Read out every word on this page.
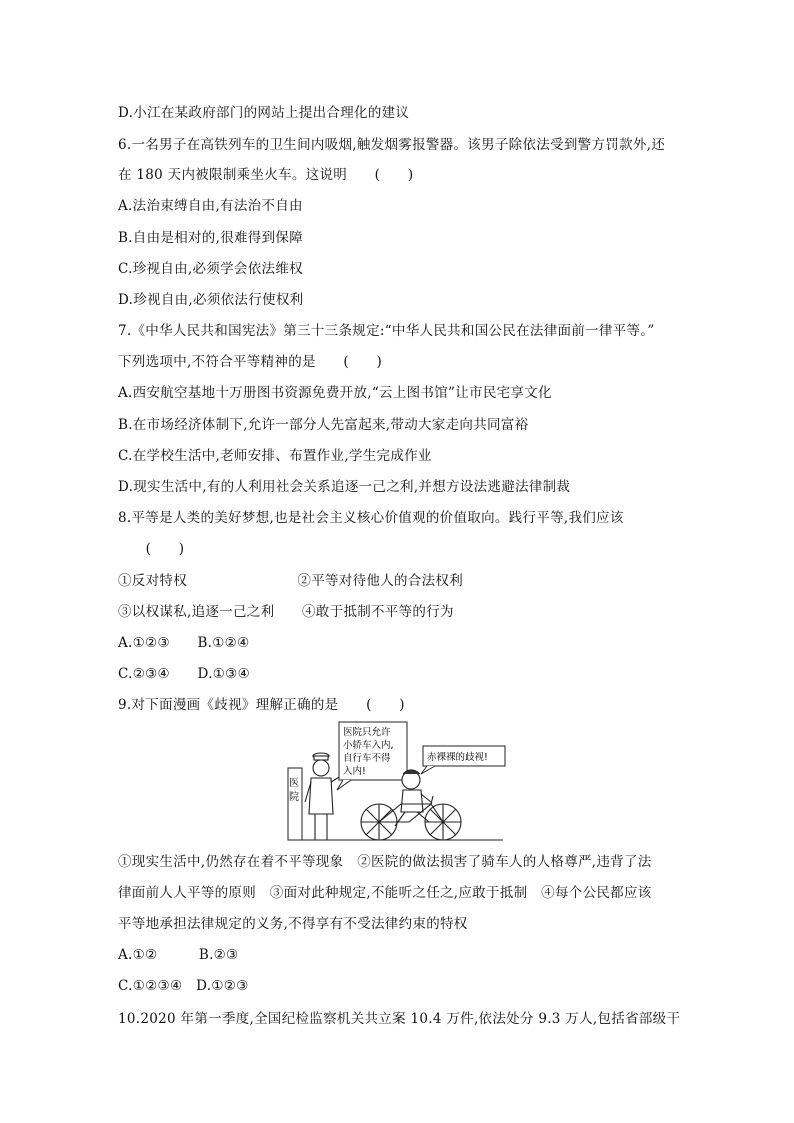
D.小江在某政府部门的网站上提出合理化的建议
6.一名男子在高铁列车的卫生间内吸烟,触发烟雾报警器。该男子除依法受到警方罚款外,还
在 180 天内被限制乘坐火车。这说明　　(　　)
A.法治束缚自由,有法治不自由
B.自由是相对的,很难得到保障
C.珍视自由,必须学会依法维权
D.珍视自由,必须依法行使权利
7.《中华人民共和国宪法》第三十三条规定:“中华人民共和国公民在法律面前一律平等。”
下列选项中,不符合平等精神的是　　(　　)
A.西安航空基地十万册图书资源免费开放,“云上图书馆”让市民宅享文化
B.在市场经济体制下,允许一部分人先富起来,带动大家走向共同富裕
C.在学校生活中,老师安排、布置作业,学生完成作业
D.现实生活中,有的人利用社会关系追逐一己之利,并想方设法逃避法律制裁
8.平等是人类的美好梦想,也是社会主义核心价值观的价值取向。践行平等,我们应该
　　(　　)
①反对特权　　　　　　　　②平等对待他人的合法权利
③以权谋私,追逐一己之利　　④敢于抵制不平等的行为
A.①②③　　B.①②④
C.②③④　　D.①③④
9.对下面漫画《歧视》理解正确的是　　(　　)
医
院
医院只允许
小轿车入内,
自行车不得
入内!
赤裸裸的歧视!
①现实生活中,仍然存在着不平等现象　②医院的做法损害了骑车人的人格尊严,违背了法
律面前人人平等的原则　③面对此种规定,不能听之任之,应敢于抵制　④每个公民都应该
平等地承担法律规定的义务,不得享有不受法律约束的特权
A.①②　　　B.②③
C.①②③④　D.①②③
10.2020 年第一季度,全国纪检监察机关共立案 10.4 万件,依法处分 9.3 万人,包括省部级干
